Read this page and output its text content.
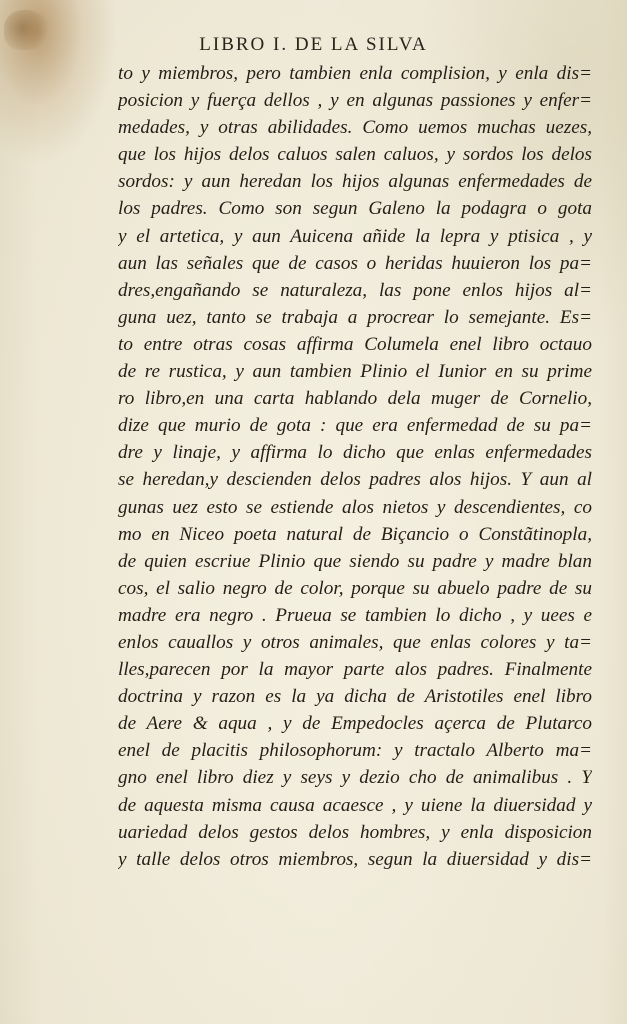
LIBRO I. DE LA SILVA
to y miembros, pero tambien enla complision, y enla dis=
posicion y fuerça dellos , y en algunas passiones y enfer=
medades, y otras abilidades. Como uemos muchas uezes,
que los hijos delos caluos salen caluos, y sordos los delos
sordos: y aun heredan los hijos algunas enfermedades de
los padres. Como son segun Galeno la podagra o gota
y el artetica, y aun Auicena añide la lepra y ptisica , y
aun las señales que de casos o heridas huuieron los pa=
dres,engañando se naturaleza, las pone enlos hijos al=
guna uez, tanto se trabaja a procrear lo semejante. Es=
to entre otras cosas affirma Columela enel libro octauo
de re rustica, y aun tambien Plinio el Iunior en su prime
ro libro,en una carta hablando dela muger de Cornelio,
dize que murio de gota : que era enfermedad de su pa=
dre y linaje, y affirma lo dicho que enlas enfermedades
se heredan,y descienden delos padres alos hijos. Y aun al
gunas uez esto se estiende alos nietos y descendientes, co
mo en Niceo poeta natural de Biçancio o Constãtinopla,
de quien escriue Plinio que siendo su padre y madre blan
cos, el salio negro de color, porque su abuelo padre de su
madre era negro . Prueua se tambien lo dicho , y uees e
enlos cauallos y otros animales, que enlas colores y ta=
lles,parecen por la mayor parte alos padres. Finalmente
doctrina y razon es la ya dicha de Aristotiles enel libro
de Aere & aqua , y de Empedocles açerca de Plutarco
enel de placitis philosophorum: y tractalo Alberto ma=
gno enel libro diez y seys y dezio cho de animalibus . Y
de aquesta misma causa acaesce , y uiene la diuersidad y
uariedad delos gestos delos hombres, y enla disposicion
y talle delos otros miembros, segun la diuersidad y dis=
